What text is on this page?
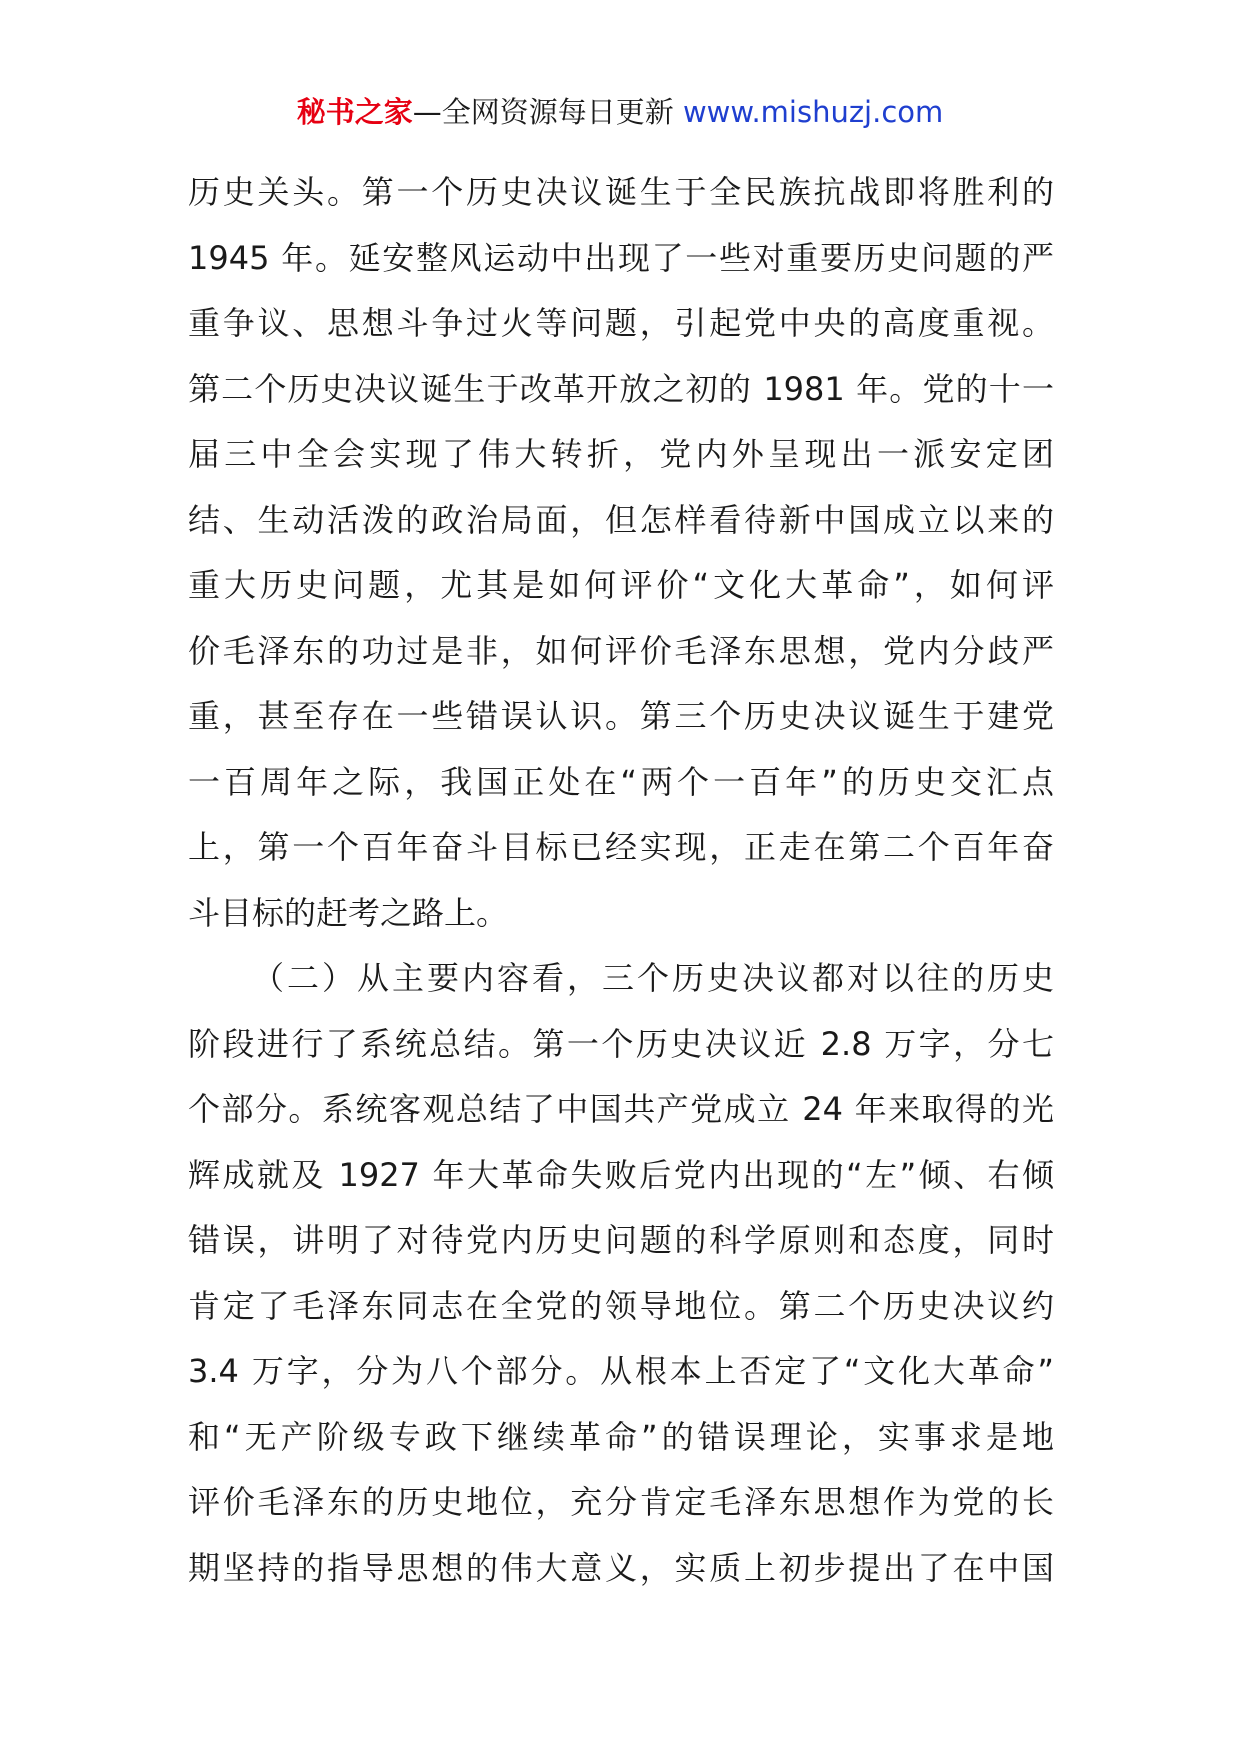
秘书之家—全网资源每日更新 www.mishuzj.com
历史关头。第一个历史决议诞生于全民族抗战即将胜利的
1945 年。延安整风运动中出现了一些对重要历史问题的严
重争议、思想斗争过火等问题，引起党中央的高度重视。
第二个历史决议诞生于改革开放之初的 1981 年。党的十一
届三中全会实现了伟大转折，党内外呈现出一派安定团
结、生动活泼的政治局面，但怎样看待新中国成立以来的
重大历史问题，尤其是如何评价“文化大革命”，如何评
价毛泽东的功过是非，如何评价毛泽东思想，党内分歧严
重，甚至存在一些错误认识。第三个历史决议诞生于建党
一百周年之际，我国正处在“两个一百年”的历史交汇点
上，第一个百年奋斗目标已经实现，正走在第二个百年奋
斗目标的赶考之路上。
（二）从主要内容看，三个历史决议都对以往的历史
阶段进行了系统总结。第一个历史决议近 2.8 万字，分七
个部分。系统客观总结了中国共产党成立 24 年来取得的光
辉成就及 1927 年大革命失败后党内出现的“左”倾、右倾
错误，讲明了对待党内历史问题的科学原则和态度，同时
肯定了毛泽东同志在全党的领导地位。第二个历史决议约
3.4 万字，分为八个部分。从根本上否定了“文化大革命”
和“无产阶级专政下继续革命”的错误理论，实事求是地
评价毛泽东的历史地位，充分肯定毛泽东思想作为党的长
期坚持的指导思想的伟大意义，实质上初步提出了在中国
